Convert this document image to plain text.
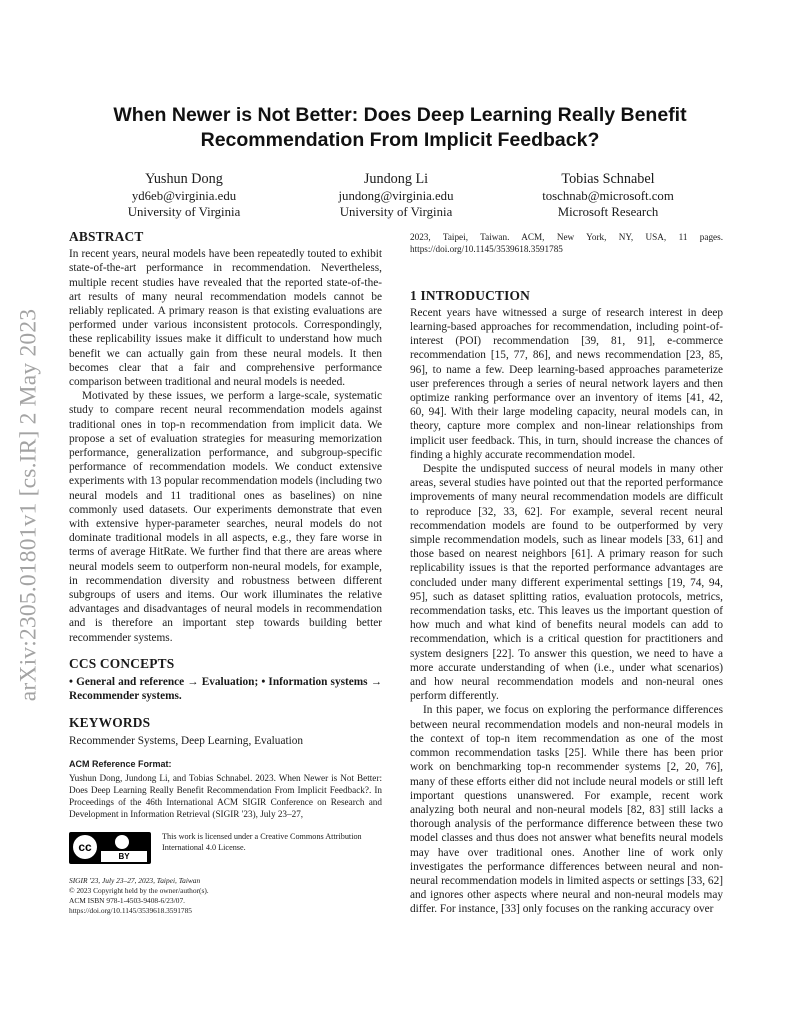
arXiv:2305.01801v1 [cs.IR] 2 May 2023
When Newer is Not Better: Does Deep Learning Really Benefit
Recommendation From Implicit Feedback?
Yushun Dong
yd6eb@virginia.edu
University of Virginia
Jundong Li
jundong@virginia.edu
University of Virginia
Tobias Schnabel
toschnab@microsoft.com
Microsoft Research
ABSTRACT

In recent years, neural models have been repeatedly touted to exhibit state-of-the-art performance in recommendation. Nevertheless, multiple recent studies have revealed that the reported state-of-the-art results of many neural recommendation models cannot be reliably replicated. A primary reason is that existing evaluations are performed under various inconsistent protocols. Correspondingly, these replicability issues make it difficult to understand how much benefit we can actually gain from these neural models. It then becomes clear that a fair and comprehensive performance comparison between traditional and neural models is needed.

Motivated by these issues, we perform a large-scale, systematic study to compare recent neural recommendation models against traditional ones in top-n recommendation from implicit data. We propose a set of evaluation strategies for measuring memorization performance, generalization performance, and subgroup-specific performance of recommendation models. We conduct extensive experiments with 13 popular recommendation models (including two neural models and 11 traditional ones as baselines) on nine commonly used datasets. Our experiments demonstrate that even with extensive hyper-parameter searches, neural models do not dominate traditional models in all aspects, e.g., they fare worse in terms of average HitRate. We further find that there are areas where neural models seem to outperform non-neural models, for example, in recommendation diversity and robustness between different subgroups of users and items. Our work illuminates the relative advantages and disadvantages of neural models in recommendation and is therefore an important step towards building better recommender systems.

CCS CONCEPTS

• General and reference → Evaluation; • Information systems → Recommender systems.

KEYWORDS

Recommender Systems, Deep Learning, Evaluation

ACM Reference Format:

Yushun Dong, Jundong Li, and Tobias Schnabel. 2023. When Newer is Not Better: Does Deep Learning Really Benefit Recommendation From Implicit Feedback?. In Proceedings of the 46th International ACM SIGIR Conference on Research and Development in Information Retrieval (SIGIR '23), July 23–27,

cc
BY
This work is licensed under a Creative Commons Attribution International 4.0 License.
SIGIR '23, July 23–27, 2023, Taipei, Taiwan
© 2023 Copyright held by the owner/author(s).
ACM ISBN 978-1-4503-9408-6/23/07.
https://doi.org/10.1145/3539618.3591785

2023, Taipei, Taiwan. ACM, New York, NY, USA, 11 pages. https://doi.org/10.1145/3539618.3591785

1 INTRODUCTION

Recent years have witnessed a surge of research interest in deep learning-based approaches for recommendation, including point-of-interest (POI) recommendation [39, 81, 91], e-commerce recommendation [15, 77, 86], and news recommendation [23, 85, 96], to name a few. Deep learning-based approaches parameterize user preferences through a series of neural network layers and then optimize ranking performance over an inventory of items [41, 42, 60, 94]. With their large modeling capacity, neural models can, in theory, capture more complex and non-linear relationships from implicit user feedback. This, in turn, should increase the chances of finding a highly accurate recommendation model.

Despite the undisputed success of neural models in many other areas, several studies have pointed out that the reported performance improvements of many neural recommendation models are difficult to reproduce [32, 33, 62]. For example, several recent neural recommendation models are found to be outperformed by very simple recommendation models, such as linear models [33, 61] and those based on nearest neighbors [61]. A primary reason for such replicability issues is that the reported performance advantages are concluded under many different experimental settings [19, 74, 94, 95], such as dataset splitting ratios, evaluation protocols, metrics, recommendation tasks, etc. This leaves us the important question of how much and what kind of benefits neural models can add to recommendation, which is a critical question for practitioners and system designers [22]. To answer this question, we need to have a more accurate understanding of when (i.e., under what scenarios) and how neural recommendation models and non-neural ones perform differently.

In this paper, we focus on exploring the performance differences between neural recommendation models and non-neural models in the context of top-n item recommendation as one of the most common recommendation tasks [25]. While there has been prior work on benchmarking top-n recommender systems [2, 20, 76], many of these efforts either did not include neural models or still left important questions unanswered. For example, recent work analyzing both neural and non-neural models [82, 83] still lacks a thorough analysis of the performance difference between these two model classes and thus does not answer what benefits neural models may have over traditional ones. Another line of work only investigates the performance differences between neural and non-neural recommendation models in limited aspects or settings [33, 62] and ignores other aspects where neural and non-neural models may differ. For instance, [33] only focuses on the ranking accuracy over
